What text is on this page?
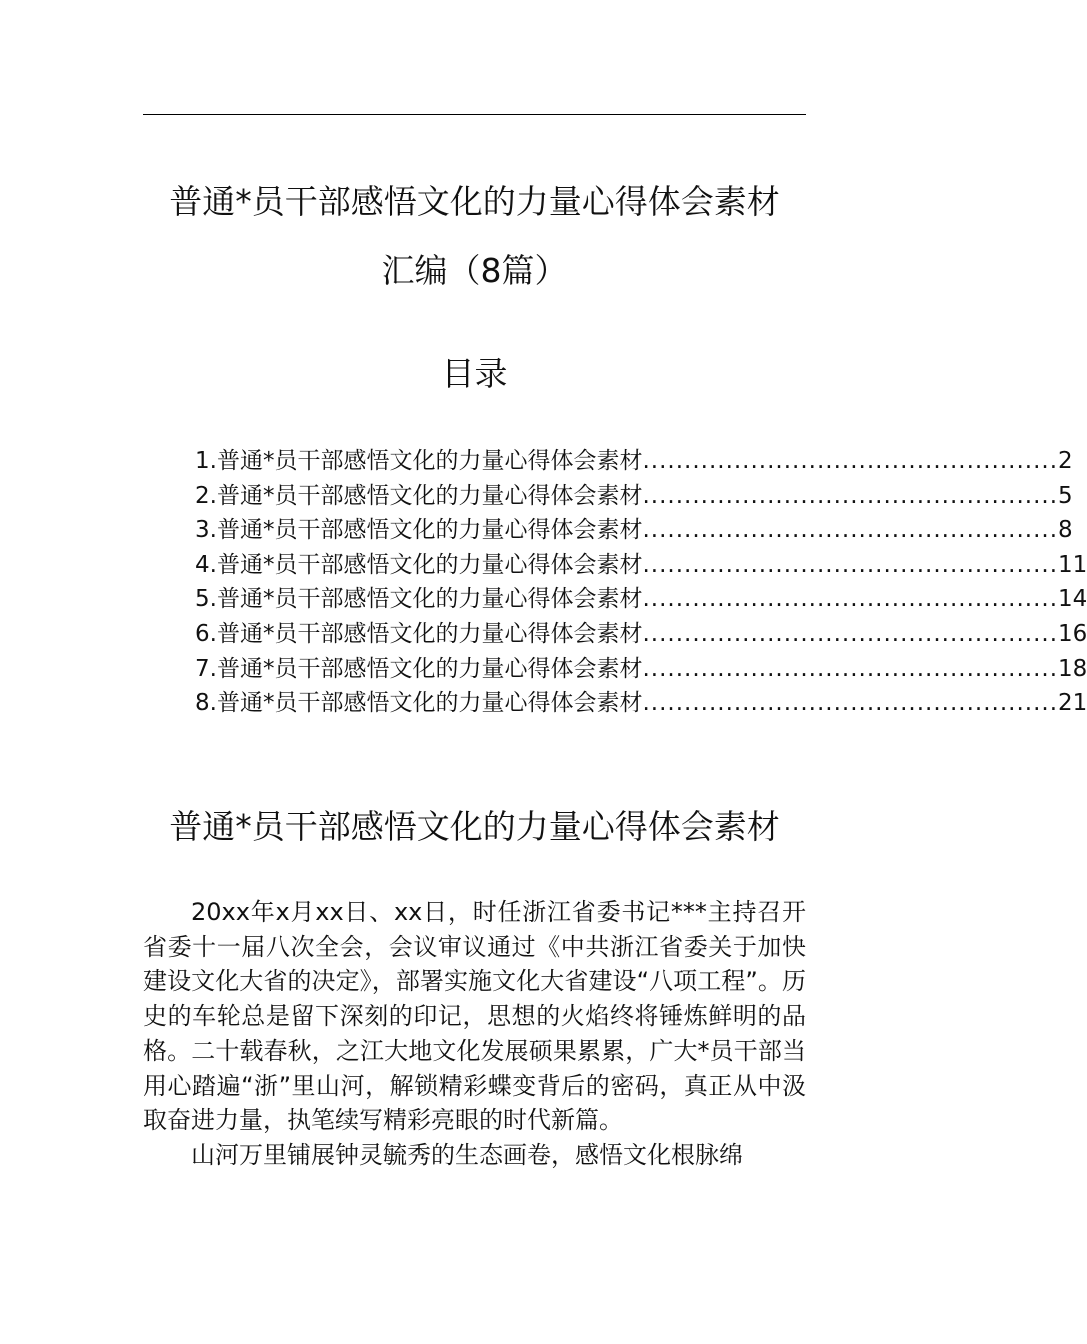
普通*员干部感悟文化的力量心得体会素材
汇编（8篇）
目录
1.普通*员干部感悟文化的力量心得体会素材 .................................................. 2
2.普通*员干部感悟文化的力量心得体会素材 .................................................. 5
3.普通*员干部感悟文化的力量心得体会素材 .................................................. 8
4.普通*员干部感悟文化的力量心得体会素材 .................................................. 11
5.普通*员干部感悟文化的力量心得体会素材 .................................................. 14
6.普通*员干部感悟文化的力量心得体会素材 .................................................. 16
7.普通*员干部感悟文化的力量心得体会素材 .................................................. 18
8.普通*员干部感悟文化的力量心得体会素材 .................................................. 21
普通*员干部感悟文化的力量心得体会素材

20xx年x月xx日、xx日，时任浙江省委书记***主持召开省委十一届八次全会，会议审议通过《中共浙江省委关于加快建设文化大省的决定》，部署实施文化大省建设“八项工程”。历史的车轮总是留下深刻的印记，思想的火焰终将锤炼鲜明的品格。二十载春秋，之江大地文化发展硕果累累，广大*员干部当用心踏遍“浙”里山河，解锁精彩蝶变背后的密码，真正从中汲取奋进力量，执笔续写精彩亮眼的时代新篇。

山河万里铺展钟灵毓秀的生态画卷，感悟文化根脉绵
